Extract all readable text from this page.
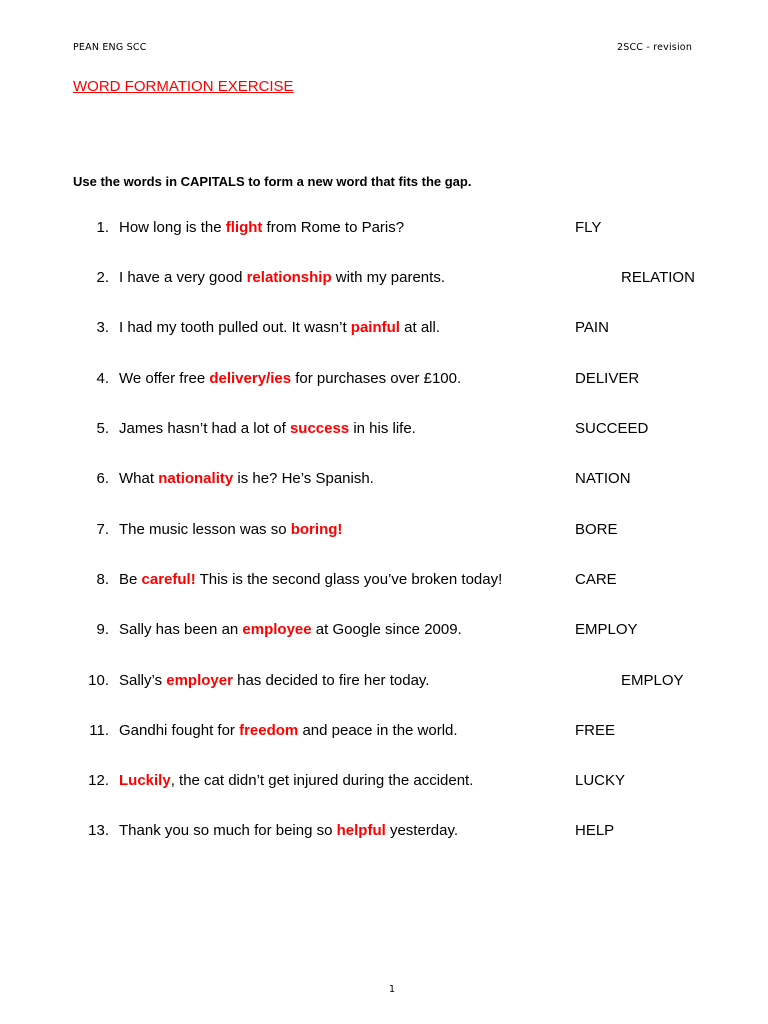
PEAN ENG SCC	2SCC - revision
WORD FORMATION EXERCISE
Use the words in CAPITALS to form a new word that fits the gap.
1. How long is the flight from Rome to Paris?	FLY
2. I have a very good relationship with my parents.	RELATION
3. I had my tooth pulled out. It wasn’t painful at all.	PAIN
4. We offer free delivery/ies for purchases over £100.	DELIVER
5. James hasn’t had a lot of success in his life.	SUCCEED
6. What nationality is he? He’s Spanish.	NATION
7. The music lesson was so boring!	BORE
8. Be careful! This is the second glass you’ve broken today!	CARE
9. Sally has been an employee at Google since 2009.	EMPLOY
10. Sally’s employer has decided to fire her today.	EMPLOY
11. Gandhi fought for freedom and peace in the world.	FREE
12. Luckily, the cat didn’t get injured during the accident.	LUCKY
13. Thank you so much for being so helpful yesterday.	HELP
1
